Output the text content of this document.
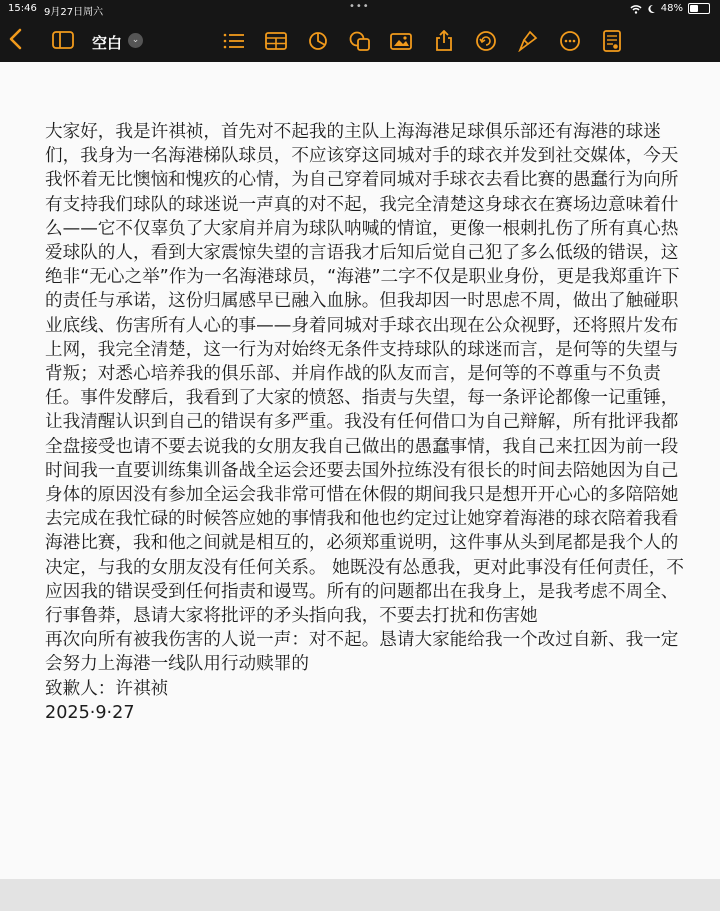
15:46 9月27日周六
•••	48%
空白	⌄

大家好，我是许祺祯，首先对不起我的主队上海海港足球俱乐部还有海港的球迷们，我身为一名海港梯队球员，不应该穿这同城对手的球衣并发到社交媒体，今天我怀着无比懊恼和愧疚的心情，为自己穿着同城对手球衣去看比赛的愚蠢行为向所有支持我们球队的球迷说一声真的对不起，我完全清楚这身球衣在赛场边意味着什么——它不仅辜负了大家肩并肩为球队呐喊的情谊，更像一根刺扎伤了所有真心热爱球队的人，看到大家震惊失望的言语我才后知后觉自己犯了多么低级的错误，这绝非“无心之举”作为一名海港球员，“海港”二字不仅是职业身份，更是我郑重许下的责任与承诺，这份归属感早已融入血脉。但我却因一时思虑不周，做出了触碰职业底线、伤害所有人心的事——身着同城对手球衣出现在公众视野，还将照片发布上网，我完全清楚，这一行为对始终无条件支持球队的球迷而言，是何等的失望与背叛；对悉心培养我的俱乐部、并肩作战的队友而言，是何等的不尊重与不负责任。事件发酵后，我看到了大家的愤怒、指责与失望，每一条评论都像一记重锤，让我清醒认识到自己的错误有多严重。我没有任何借口为自己辩解，所有批评我都全盘接受也请不要去说我的女朋友我自己做出的愚蠢事情，我自己来扛因为前一段时间我一直要训练集训备战全运会还要去国外拉练没有很长的时间去陪她因为自己身体的原因没有参加全运会我非常可惜在休假的期间我只是想开开心心的多陪陪她去完成在我忙碌的时候答应她的事情我和他也约定过让她穿着海港的球衣陪着我看海港比赛，我和他之间就是相互的，必须郑重说明，这件事从头到尾都是我个人的决定，与我的女朋友没有任何关系。 她既没有怂恿我，更对此事没有任何责任，不应因我的错误受到任何指责和谩骂。所有的问题都出在我身上，是我考虑不周全、行事鲁莽，恳请大家将批评的矛头指向我，不要去打扰和伤害她

再次向所有被我伤害的人说一声：对不起。恳请大家能给我一个改过自新、我一定会努力上海港一线队用行动赎罪的

致歉人：许祺祯

2025·9·27
